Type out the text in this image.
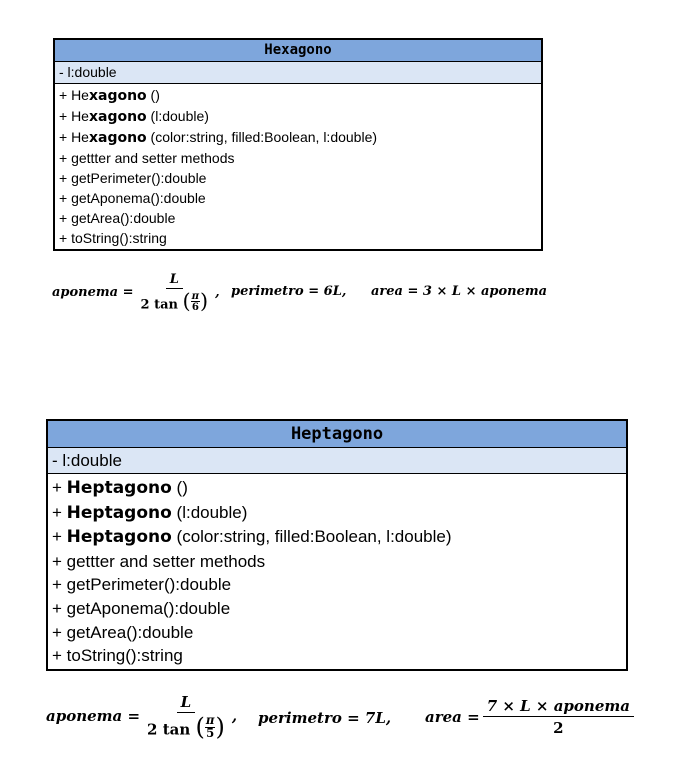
Hexagono
- l:double
+ Hexagono ()
+ Hexagono (l:double)
+ Hexagono (color:string, filled:Boolean, l:double)
+ gettter and setter methods
+ getPerimeter():double
+ getAponema():double
+ getArea():double
+ toString():string
aponema = L
2 tan ( π
6 ) , perimetro = 6L, area = 3 × L × aponema
Heptagono
- l:double
+ Heptagono ()
+ Heptagono (l:double)
+ Heptagono (color:string, filled:Boolean, l:double)
+ gettter and setter methods
+ getPerimeter():double
+ getAponema():double
+ getArea():double
+ toString():string
aponema = L
2 tan ( π
5 ) , perimetro = 7L, area = $\frac{\text{7 × L × aponema}}{2}$
